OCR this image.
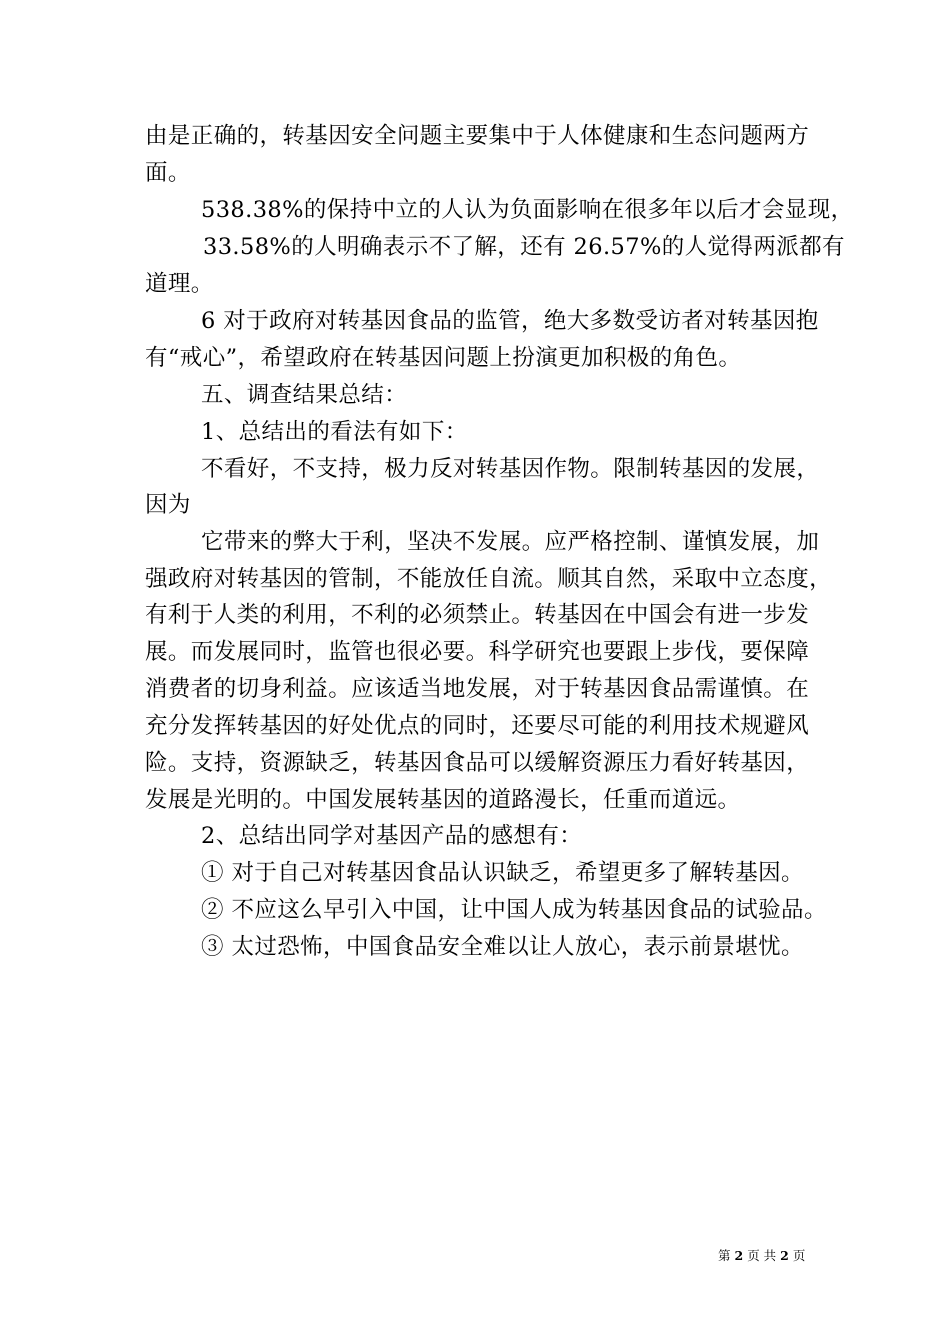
由是正确的，转基因安全问题主要集中于人体健康和生态问题两方
面。
538.38%的保持中立的人认为负面影响在很多年以后才会显现，
33.58%的人明确表示不了解，还有 26.57%的人觉得两派都有
道理。
6 对于政府对转基因食品的监管，绝大多数受访者对转基因抱
有“戒心”，希望政府在转基因问题上扮演更加积极的角色。
五、调查结果总结：
1、总结出的看法有如下：
不看好，不支持，极力反对转基因作物。限制转基因的发展，
因为
它带来的弊大于利，坚决不发展。应严格控制、谨慎发展，加
强政府对转基因的管制，不能放任自流。顺其自然，采取中立态度，
有利于人类的利用，不利的必须禁止。转基因在中国会有进一步发
展。而发展同时，监管也很必要。科学研究也要跟上步伐，要保障
消费者的切身利益。应该适当地发展，对于转基因食品需谨慎。在
充分发挥转基因的好处优点的同时，还要尽可能的利用技术规避风
险。支持，资源缺乏，转基因食品可以缓解资源压力看好转基因，
发展是光明的。中国发展转基因的道路漫长，任重而道远。
2、总结出同学对基因产品的感想有：
① 对于自己对转基因食品认识缺乏，希望更多了解转基因。
② 不应这么早引入中国，让中国人成为转基因食品的试验品。
③ 太过恐怖，中国食品安全难以让人放心，表示前景堪忧。
第 2 页 共 2 页
